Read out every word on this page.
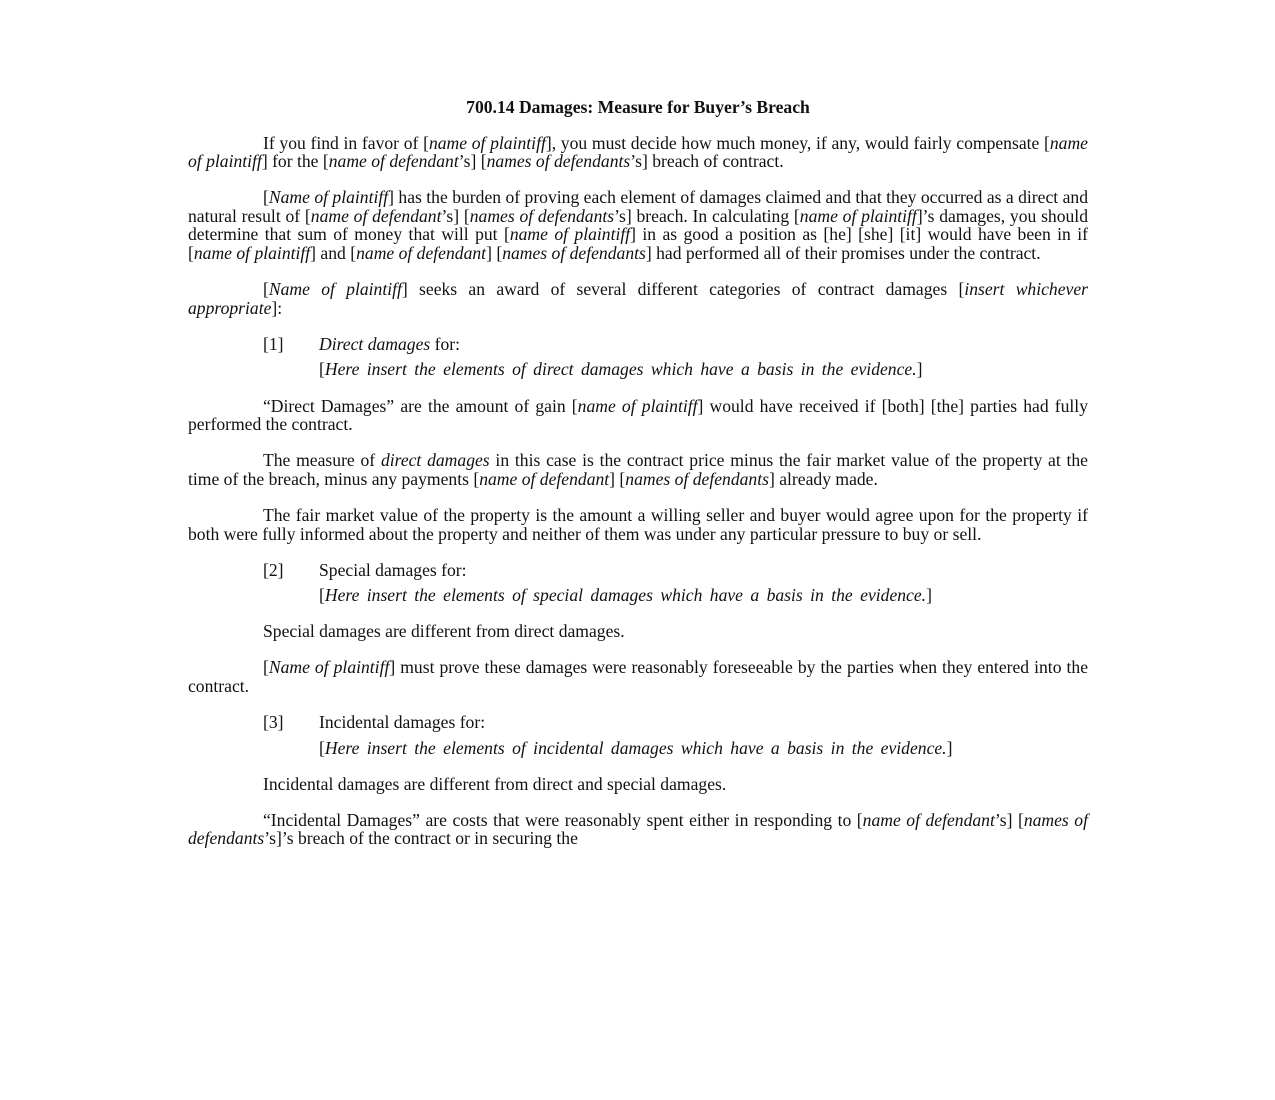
700.14 Damages: Measure for Buyer’s Breach

If you find in favor of [name of plaintiff], you must decide how much money, if any, would fairly compensate [name of plaintiff] for the [name of defendant’s] [names of defendants’s] breach of contract.

[Name of plaintiff] has the burden of proving each element of damages claimed and that they occurred as a direct and natural result of [name of defendant’s] [names of defendants’s] breach. In calculating [name of plaintiff]’s damages, you should determine that sum of money that will put [name of plaintiff] in as good a position as [he] [she] [it] would have been in if [name of plaintiff] and [name of defendant] [names of defendants] had performed all of their promises under the contract.

[Name of plaintiff] seeks an award of several different categories of contract damages [insert whichever appropriate]:

[1]	Direct damages for:
[Here insert the elements of direct damages which have a basis in the evidence.]

“Direct Damages” are the amount of gain [name of plaintiff] would have received if [both] [the] parties had fully performed the contract.

The measure of direct damages in this case is the contract price minus the fair market value of the property at the time of the breach, minus any payments [name of defendant] [names of defendants] already made.

The fair market value of the property is the amount a willing seller and buyer would agree upon for the property if both were fully informed about the property and neither of them was under any particular pressure to buy or sell.

[2]	Special damages for:
[Here insert the elements of special damages which have a basis in the evidence.]

Special damages are different from direct damages.

[Name of plaintiff] must prove these damages were reasonably foreseeable by the parties when they entered into the contract.

[3]	Incidental damages for:
[Here insert the elements of incidental damages which have a basis in the evidence.]

Incidental damages are different from direct and special damages.

“Incidental Damages” are costs that were reasonably spent either in responding to [name of defendant’s] [names of defendants’s]’s breach of the contract or in securing the
